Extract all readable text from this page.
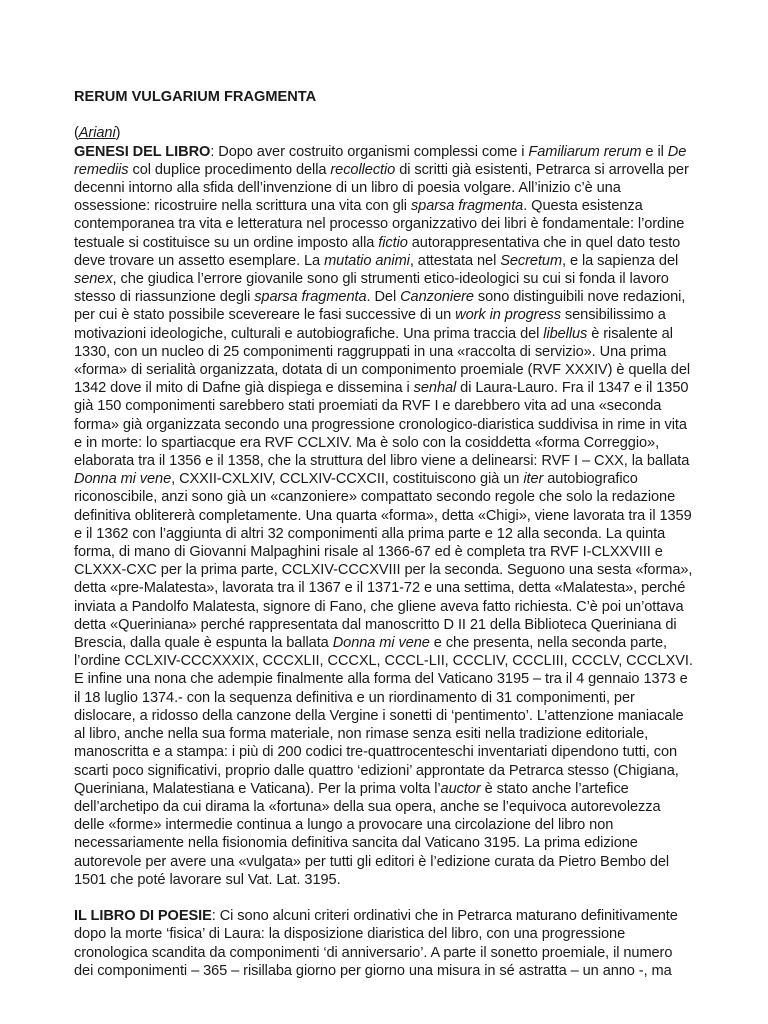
RERUM VULGARIUM FRAGMENTA

(Ariani)
GENESI DEL LIBRO: Dopo aver costruito organismi complessi come i Familiarum rerum e il De remediis col duplice procedimento della recollectio di scritti già esistenti, Petrarca si arrovella per decenni intorno alla sfida dell’invenzione di un libro di poesia volgare. All’inizio c’è una ossessione: ricostruire nella scrittura una vita con gli sparsa fragmenta. Questa esistenza contemporanea tra vita e letteratura nel processo organizzativo dei libri è fondamentale: l’ordine testuale si costituisce su un ordine imposto alla fictio autorappresentativa che in quel dato testo deve trovare un assetto esemplare. La mutatio animi, attestata nel Secretum, e la sapienza del senex, che giudica l’errore giovanile sono gli strumenti etico-ideologici su cui si fonda il lavoro stesso di riassunzione degli sparsa fragmenta. Del Canzoniere sono distinguibili nove redazioni, per cui è stato possibile scevereare le fasi successive di un work in progress sensibilissimo a motivazioni ideologiche, culturali e autobiografiche. Una prima traccia del libellus è risalente al 1330, con un nucleo di 25 componimenti raggruppati in una «raccolta di servizio». Una prima «forma» di serialità organizzata, dotata di un componimento proemiale (RVF XXXIV) è quella del 1342 dove il mito di Dafne già dispiega e dissemina i senhal di Laura-Lauro. Fra il 1347 e il 1350 già 150 componimenti sarebbero stati proemiati da RVF I e darebbero vita ad una «seconda forma» già organizzata secondo una progressione cronologico-diaristica suddivisa in rime in vita e in morte: lo spartiacque era RVF CCLXIV. Ma è solo con la cosiddetta «forma Correggio», elaborata tra il 1356 e il 1358, che la struttura del libro viene a delinearsi: RVF I – CXX, la ballata Donna mi vene, CXXII-CXLXIV, CCLXIV-CCXCII, costituiscono già un iter autobiografico riconoscibile, anzi sono già un «canzoniere» compattato secondo regole che solo la redazione definitiva oblitererà completamente. Una quarta «forma», detta «Chigi», viene lavorata tra il 1359 e il 1362 con l’aggiunta di altri 32 componimenti alla prima parte e 12 alla seconda. La quinta forma, di mano di Giovanni Malpaghini risale al 1366-67 ed è completa tra RVF I-CLXXVIII e CLXXX-CXC per la prima parte, CCLXIV-CCCXVIII per la seconda. Seguono una sesta «forma», detta «pre-Malatesta», lavorata tra il 1367 e il 1371-72 e una settima, detta «Malatesta», perché inviata a Pandolfo Malatesta, signore di Fano, che gliene aveva fatto richiesta. C’è poi un’ottava detta «Queriniana» perché rappresentata dal manoscritto D II 21 della Biblioteca Queriniana di Brescia, dalla quale è espunta la ballata Donna mi vene e che presenta, nella seconda parte, l’ordine CCLXIV-CCCXXXIX, CCCXLII, CCCXL, CCCL-LII, CCCLIV, CCCLIII, CCCLV, CCCLXVI. E infine una nona che adempie finalmente alla forma del Vaticano 3195 – tra il 4 gennaio 1373 e il 18 luglio 1374.- con la sequenza definitiva e un riordinamento di 31 componimenti, per dislocare, a ridosso della canzone della Vergine i sonetti di ‘pentimento’. L’attenzione maniacale al libro, anche nella sua forma materiale, non rimase senza esiti nella tradizione editoriale, manoscritta e a stampa: i più di 200 codici tre-quattrocenteschi inventariati dipendono tutti, con scarti poco significativi, proprio dalle quattro ‘edizioni’ approntate da Petrarca stesso (Chigiana, Queriniana, Malatestiana e Vaticana). Per la prima volta l’auctor è stato anche l’artefice dell’archetipo da cui dirama la «fortuna» della sua opera, anche se l’equivoca autorevolezza delle «forme» intermedie continua a lungo a provocare una circolazione del libro non necessariamente nella fisionomia definitiva sancita dal Vaticano 3195. La prima edizione autorevole per avere una «vulgata» per tutti gli editori è l’edizione curata da Pietro Bembo del 1501 che poté lavorare sul Vat. Lat. 3195.

IL LIBRO DI POESIE: Ci sono alcuni criteri ordinativi che in Petrarca maturano definitivamente dopo la morte ‘fisica’ di Laura: la disposizione diaristica del libro, con una progressione cronologica scandita da componimenti ‘di anniversario’. A parte il sonetto proemiale, il numero dei componimenti – 365 – risillaba giorno per giorno una misura in sé astratta – un anno -, ma
